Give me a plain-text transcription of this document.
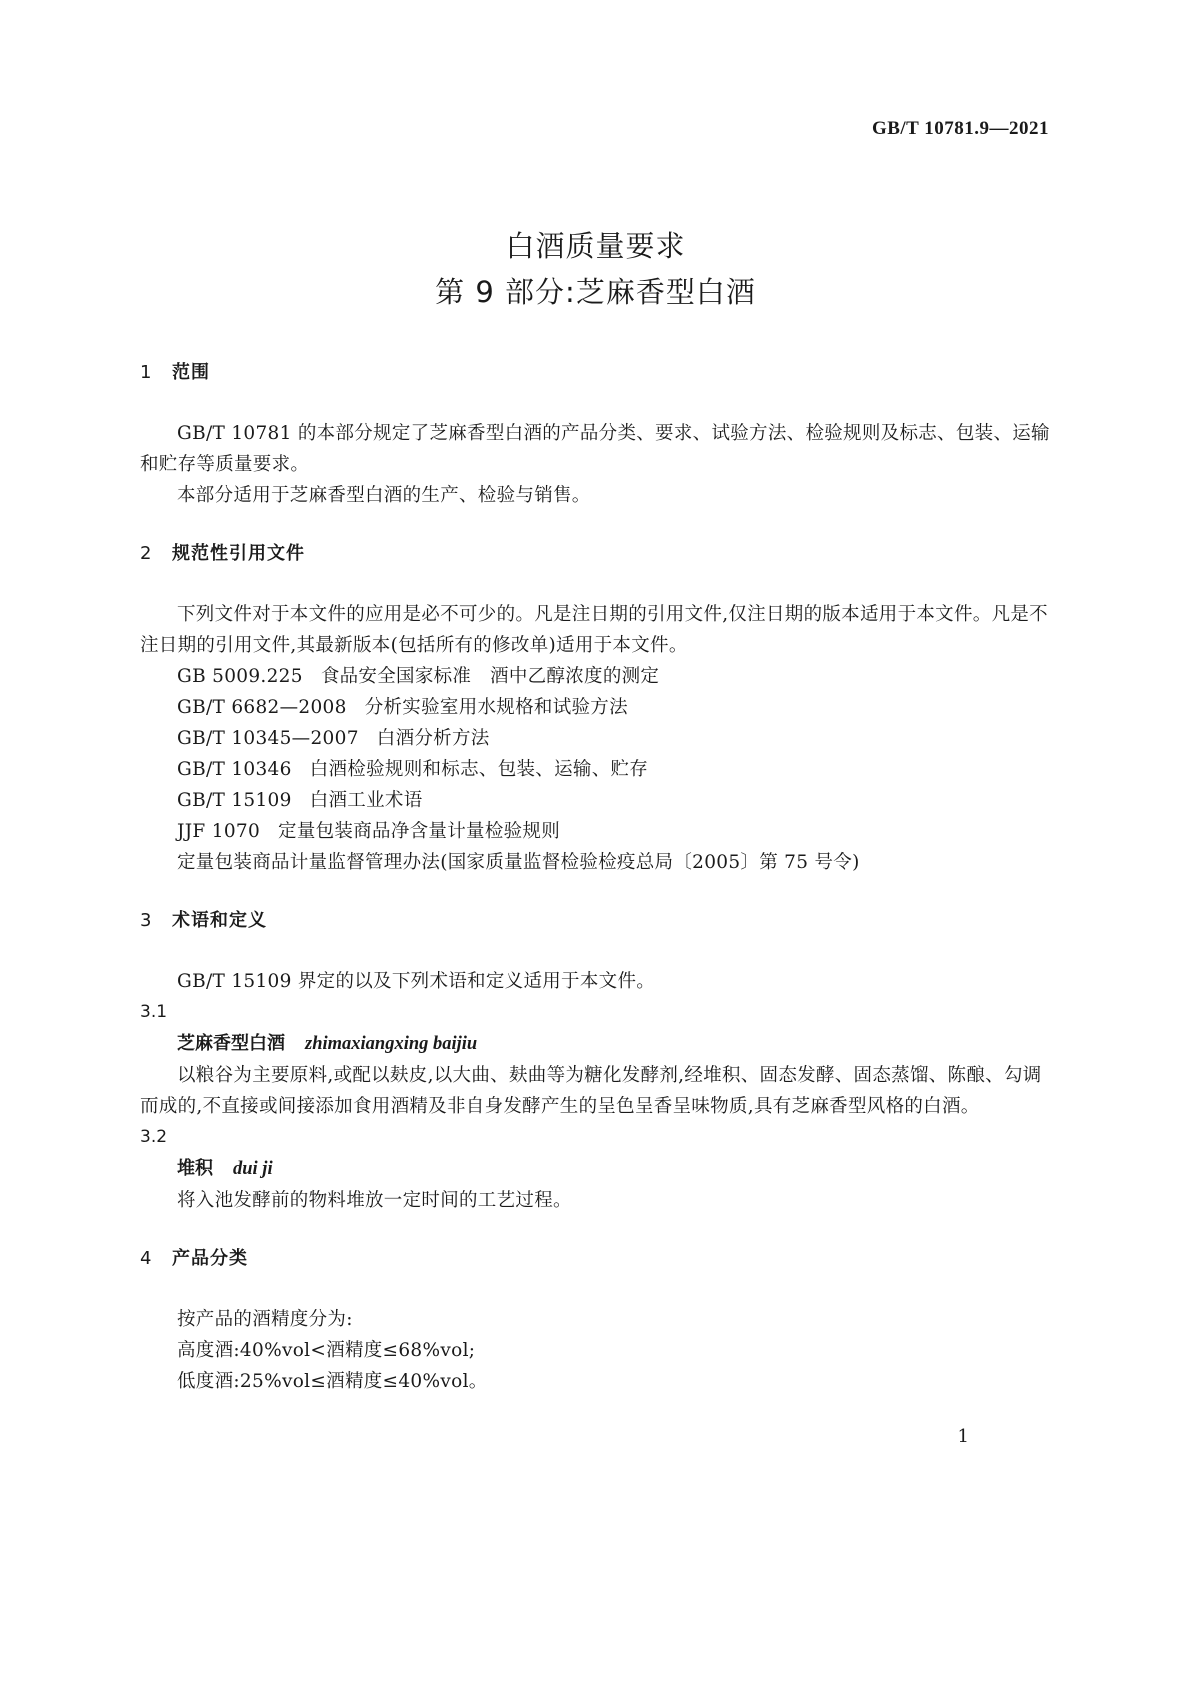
GB/T 10781.9—2021
白酒质量要求
第 9 部分:芝麻香型白酒
1 范围
GB/T 10781 的本部分规定了芝麻香型白酒的产品分类、要求、试验方法、检验规则及标志、包装、运输和贮存等质量要求。
本部分适用于芝麻香型白酒的生产、检验与销售。
2 规范性引用文件
下列文件对于本文件的应用是必不可少的。凡是注日期的引用文件,仅注日期的版本适用于本文件。凡是不注日期的引用文件,其最新版本(包括所有的修改单)适用于本文件。
GB 5009.225 食品安全国家标准　酒中乙醇浓度的测定
GB/T 6682—2008 分析实验室用水规格和试验方法
GB/T 10345—2007 白酒分析方法
GB/T 10346 白酒检验规则和标志、包装、运输、贮存
GB/T 15109 白酒工业术语
JJF 1070 定量包装商品净含量计量检验规则
定量包装商品计量监督管理办法(国家质量监督检验检疫总局〔2005〕第 75 号令)
3 术语和定义
GB/T 15109 界定的以及下列术语和定义适用于本文件。
3.1
芝麻香型白酒 zhimaxiangxing baijiu
以粮谷为主要原料,或配以麸皮,以大曲、麸曲等为糖化发酵剂,经堆积、固态发酵、固态蒸馏、陈酿、勾调而成的,不直接或间接添加食用酒精及非自身发酵产生的呈色呈香呈味物质,具有芝麻香型风格的白酒。
3.2
堆积 dui ji
将入池发酵前的物料堆放一定时间的工艺过程。
4 产品分类
按产品的酒精度分为:
高度酒:40%vol<酒精度≤68%vol;
低度酒:25%vol≤酒精度≤40%vol。
1
